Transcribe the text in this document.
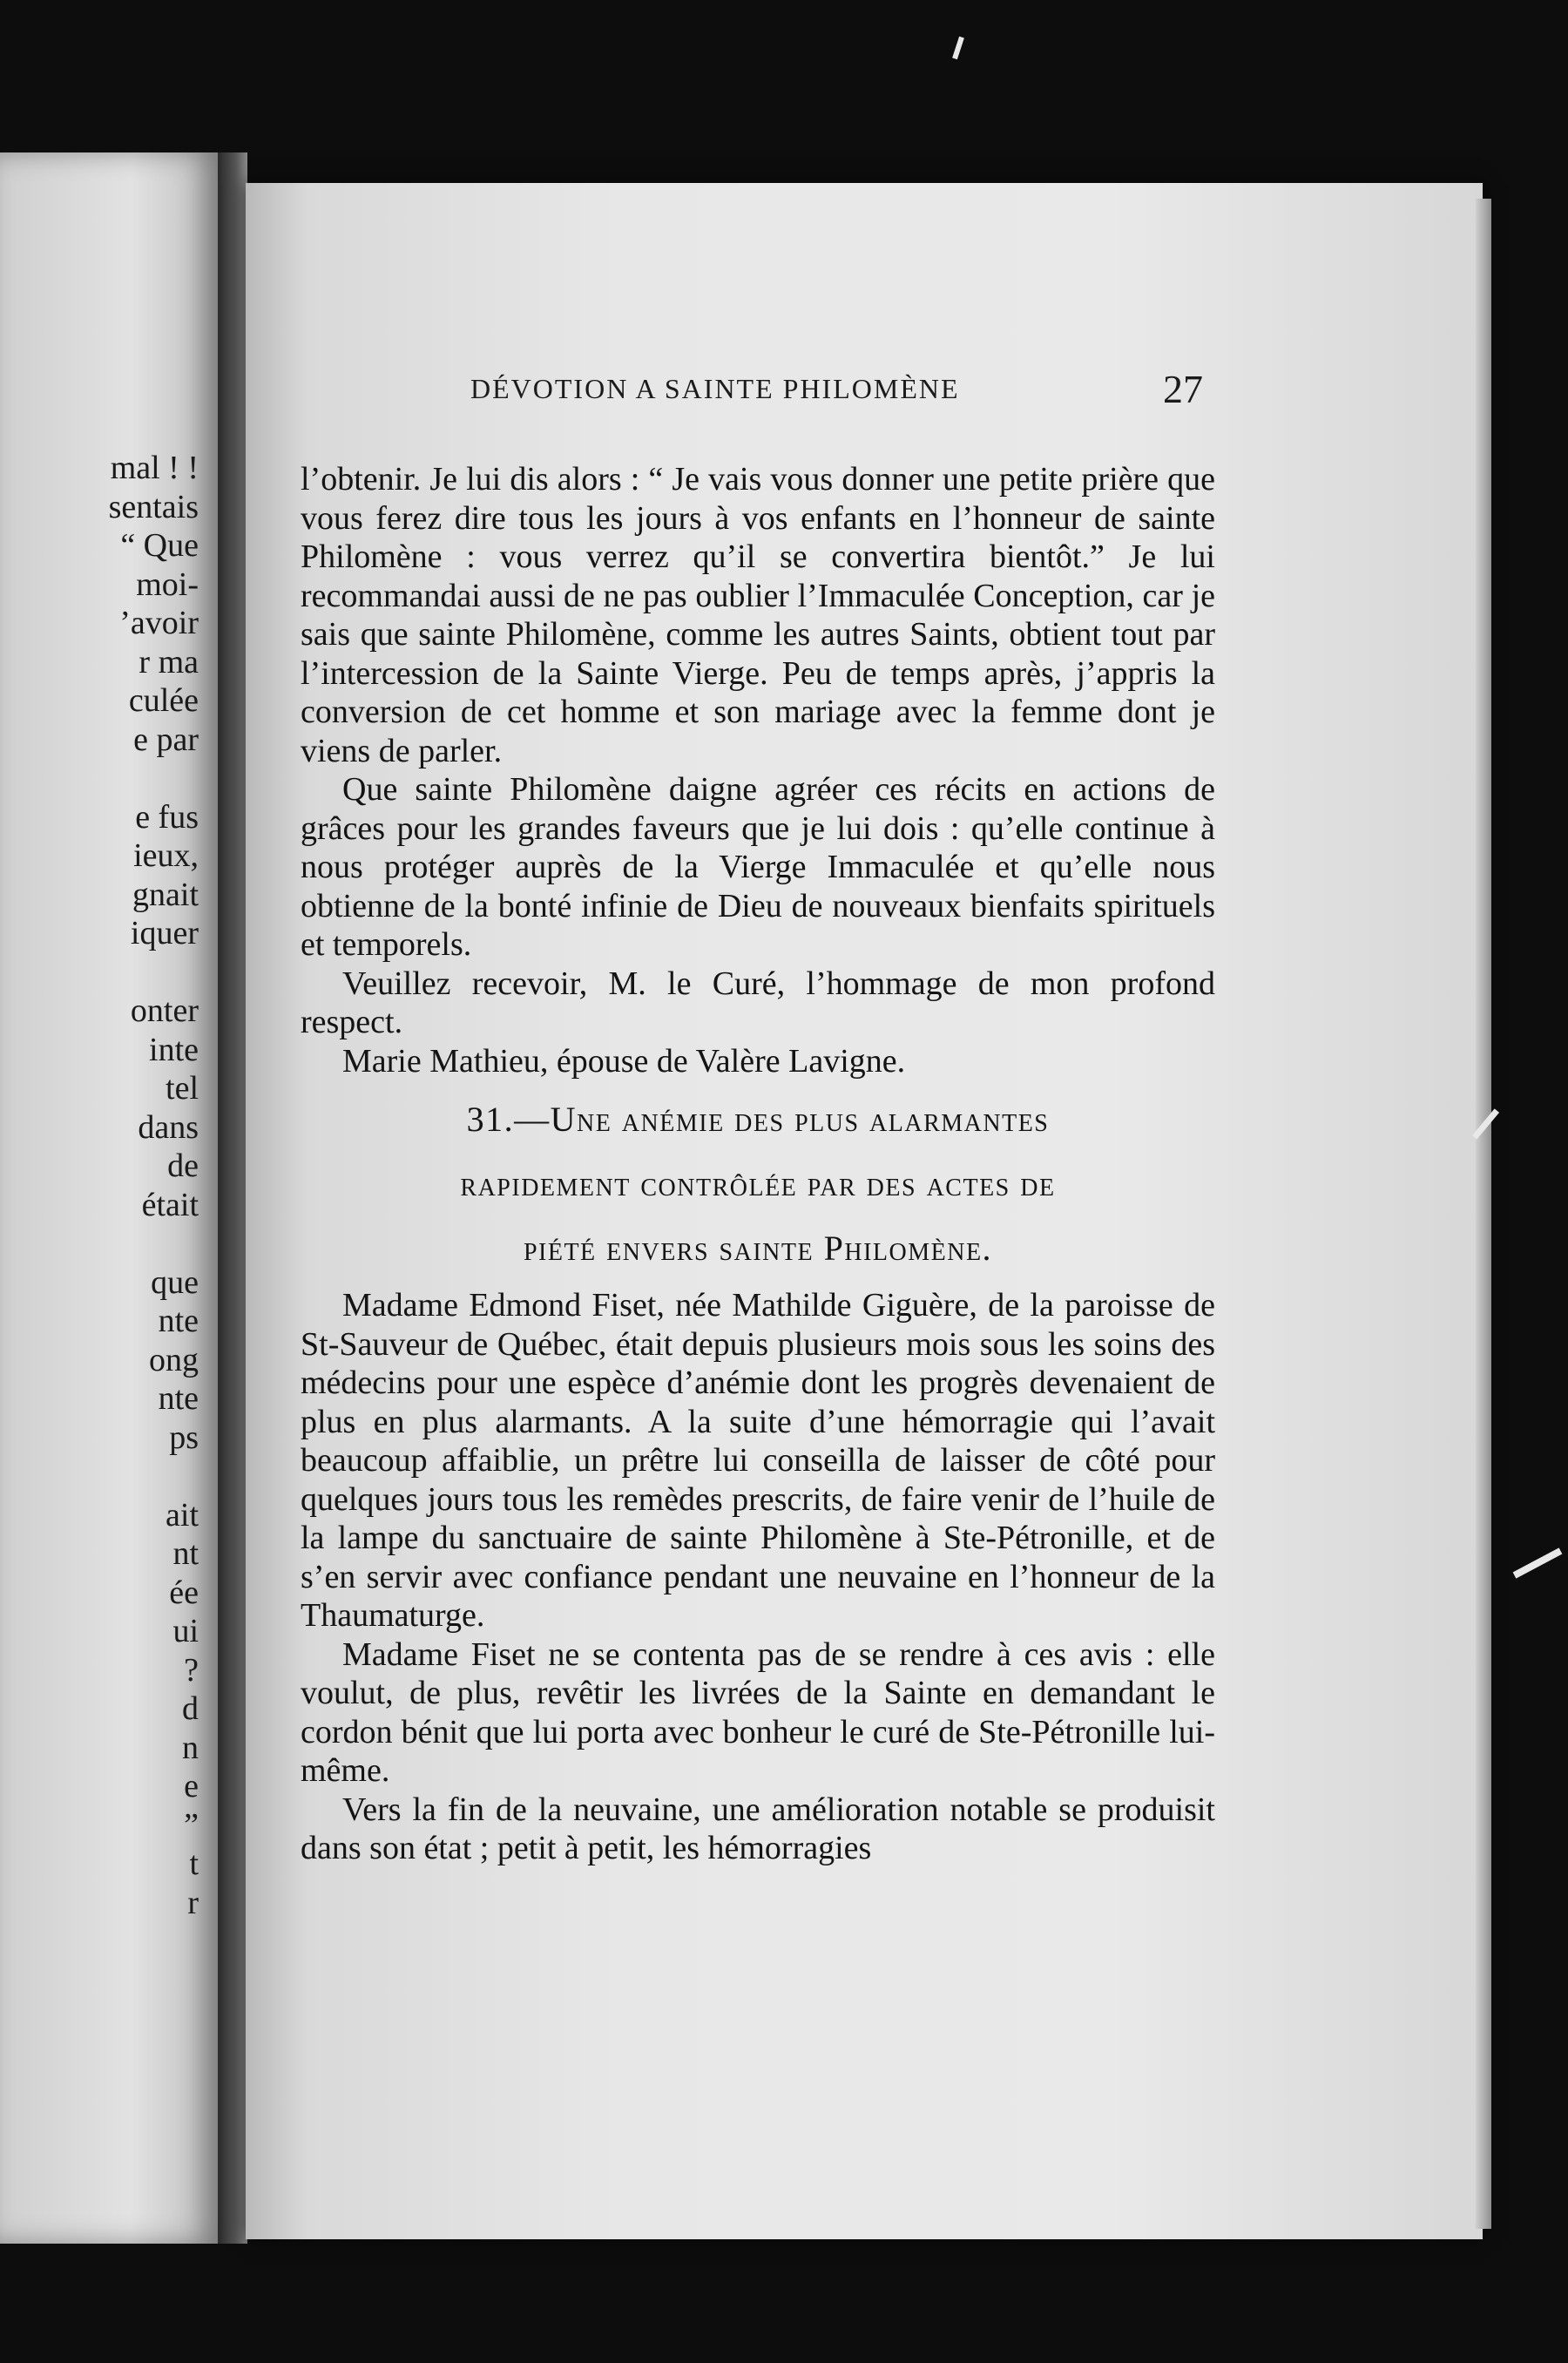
mal ! !
sentais
“ Que
moi-
’avoir
r ma
culée
e par
e fus
ieux,
gnait
iquer
onter
inte
tel
dans
de
était
que
nte
ong
nte
ps
ait
nt
ée
ui
?
d
n
e
”
t
r
DÉVOTION A SAINTE PHILOMÈNE	27

l’obtenir. Je lui dis alors : “ Je vais vous donner une petite prière que vous ferez dire tous les jours à vos enfants en l’honneur de sainte Philomène : vous verrez qu’il se convertira bientôt.” Je lui recommandai aussi de ne pas oublier l’Immaculée Conception, car je sais que sainte Philomène, comme les autres Saints, obtient tout par l’intercession de la Sainte Vierge. Peu de temps après, j’appris la conversion de cet homme et son mariage avec la femme dont je viens de parler.

Que sainte Philomène daigne agréer ces récits en actions de grâces pour les grandes faveurs que je lui dois : qu’elle continue à nous protéger auprès de la Vierge Immaculée et qu’elle nous obtienne de la bonté infinie de Dieu de nouveaux bienfaits spirituels et temporels.

Veuillez recevoir, M. le Curé, l’hommage de mon profond respect.

Marie Mathieu, épouse de Valère Lavigne.

31.—Une anémie des plus alarmantes
rapidement contrôlée par des actes de
piété envers sainte Philomène.

Madame Edmond Fiset, née Mathilde Giguère, de la paroisse de St-Sauveur de Québec, était depuis plusieurs mois sous les soins des médecins pour une espèce d’anémie dont les progrès devenaient de plus en plus alarmants. A la suite d’une hémorragie qui l’avait beaucoup affaiblie, un prêtre lui conseilla de laisser de côté pour quelques jours tous les remèdes prescrits, de faire venir de l’huile de la lampe du sanctuaire de sainte Philomène à Ste-Pétronille, et de s’en servir avec confiance pendant une neuvaine en l’honneur de la Thaumaturge.

Madame Fiset ne se contenta pas de se rendre à ces avis : elle voulut, de plus, revêtir les livrées de la Sainte en demandant le cordon bénit que lui porta avec bonheur le curé de Ste-Pétronille lui-même.

Vers la fin de la neuvaine, une amélioration notable se produisit dans son état ; petit à petit, les hémorragies
